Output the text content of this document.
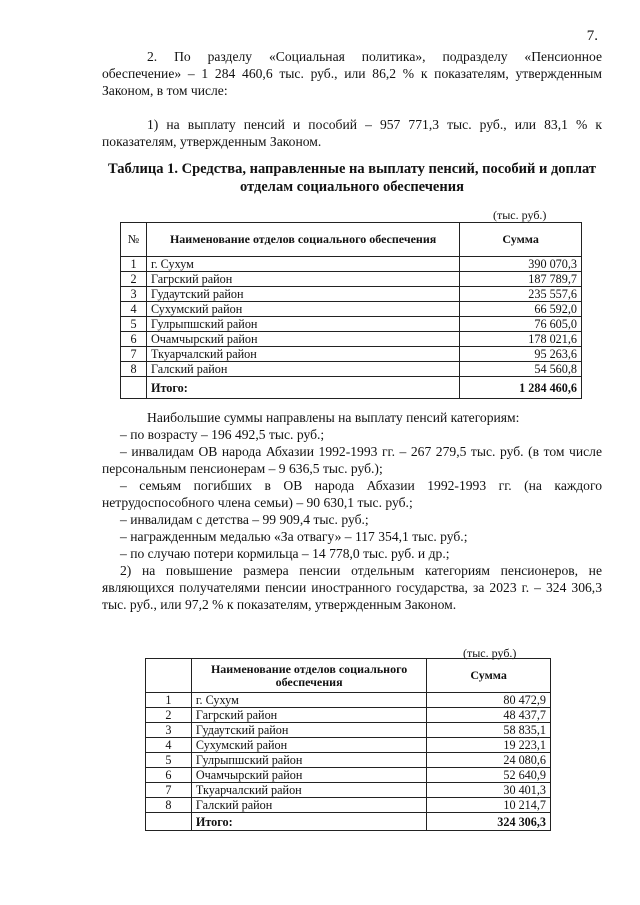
7.
2. По разделу «Социальная политика», подразделу «Пенсионное обеспечение» – 1 284 460,6 тыс. руб., или 86,2 % к показателям, утвержденным Законом, в том числе:
1) на выплату пенсий и пособий – 957 771,3 тыс. руб., или 83,1 % к показателям, утвержденным Законом.
Таблица 1. Средства, направленные на выплату пенсий, пособий и доплат отделам социального обеспечения
(тыс. руб.)
№	Наименование отделов социального обеспечения	Сумма
1	г. Сухум	390 070,3
2	Гагрский район	187 789,7
3	Гудаутский район	235 557,6
4	Сухумский район	66 592,0
5	Гулрыпшский район	76 605,0
6	Очамчырский район	178 021,6
7	Ткуарчалский район	95 263,6
8	Галский район	54 560,8
	Итого:	1 284 460,6
Наибольшие суммы направлены на выплату пенсий категориям:
– по возрасту – 196 492,5 тыс. руб.;
– инвалидам ОВ народа Абхазии 1992-1993 гг. – 267 279,5 тыс. руб. (в том числе персональным пенсионерам – 9 636,5 тыс. руб.);
– семьям погибших в ОВ народа Абхазии 1992-1993 гг. (на каждого нетрудоспособного члена семьи) – 90 630,1 тыс. руб.;
– инвалидам с детства – 99 909,4 тыс. руб.;
– награжденным медалью «За отвагу» – 117 354,1 тыс. руб.;
– по случаю потери кормильца – 14 778,0 тыс. руб. и др.;
2) на повышение размера пенсии отдельным категориям пенсионеров, не являющихся получателями пенсии иностранного государства, за 2023 г. – 324 306,3 тыс. руб., или 97,2 % к показателям, утвержденным Законом.
(тыс. руб.)
	Наименование отделов социального обеспечения	Сумма
1	г. Сухум	80 472,9
2	Гагрский район	48 437,7
3	Гудаутский район	58 835,1
4	Сухумский район	19 223,1
5	Гулрыпшский район	24 080,6
6	Очамчырский район	52 640,9
7	Ткуарчалский район	30 401,3
8	Галский район	10 214,7
	Итого:	324 306,3
